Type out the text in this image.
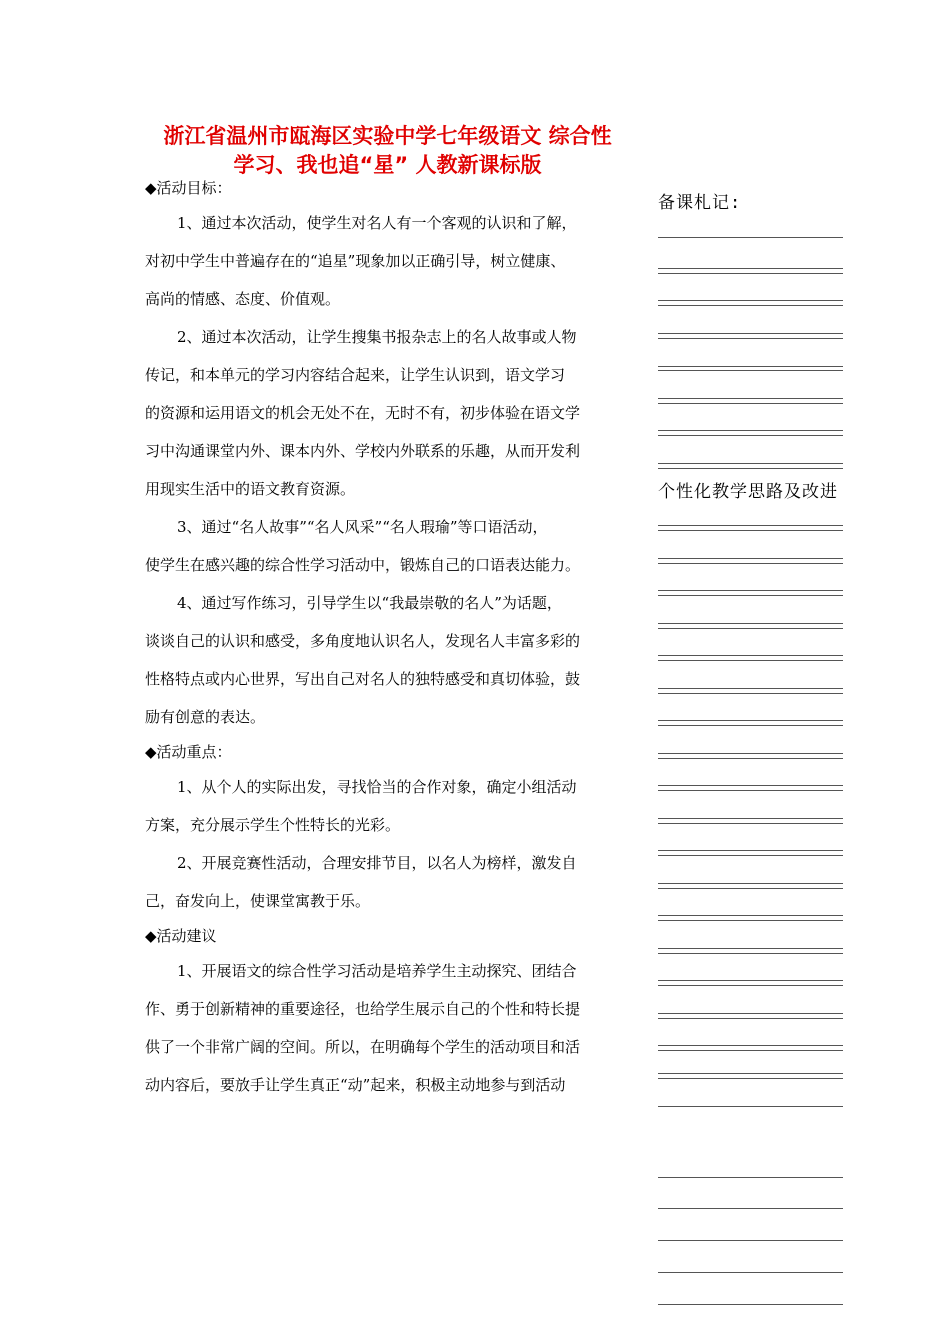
浙江省温州市瓯海区实验中学七年级语文 综合性
学习、我也追“星” 人教新课标版
◆活动目标：

1、通过本次活动，使学生对名人有一个客观的认识和了解，

对初中学生中普遍存在的“追星”现象加以正确引导，树立健康、

高尚的情感、态度、价值观。

2、通过本次活动，让学生搜集书报杂志上的名人故事或人物

传记，和本单元的学习内容结合起来，让学生认识到，语文学习

的资源和运用语文的机会无处不在，无时不有，初步体验在语文学

习中沟通课堂内外、课本内外、学校内外联系的乐趣，从而开发利

用现实生活中的语文教育资源。

3、通过“名人故事”“名人风采”“名人瑕瑜”等口语活动，

使学生在感兴趣的综合性学习活动中，锻炼自己的口语表达能力。

4、通过写作练习，引导学生以“我最崇敬的名人”为话题，

谈谈自己的认识和感受，多角度地认识名人，发现名人丰富多彩的

性格特点或内心世界，写出自己对名人的独特感受和真切体验，鼓

励有创意的表达。

◆活动重点：

1、从个人的实际出发，寻找恰当的合作对象，确定小组活动

方案，充分展示学生个性特长的光彩。

2、开展竞赛性活动，合理安排节目，以名人为榜样，激发自

己，奋发向上，使课堂寓教于乐。

◆活动建议

1、开展语文的综合性学习活动是培养学生主动探究、团结合

作、勇于创新精神的重要途径，也给学生展示自己的个性和特长提

供了一个非常广阔的空间。所以，在明确每个学生的活动项目和活

动内容后，要放手让学生真正“动”起来，积极主动地参与到活动

备课札记:
个性化教学思路及改进
